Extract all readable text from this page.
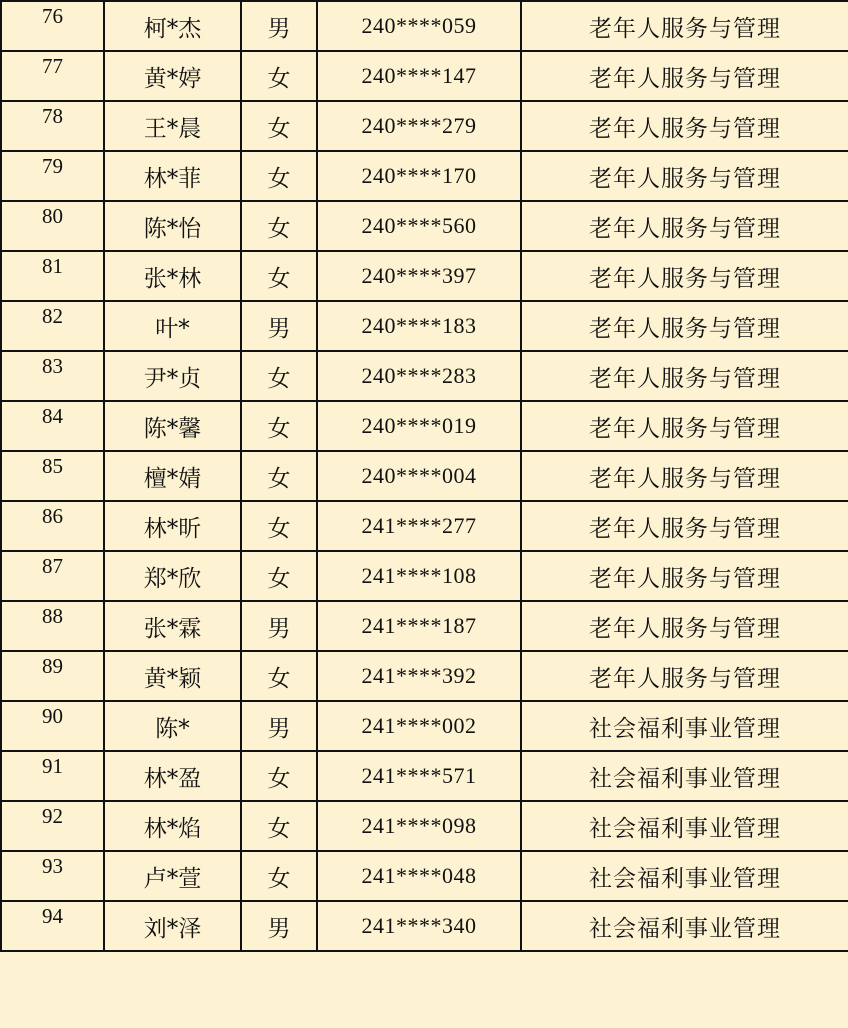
76	柯*杰	男	240****059	老年人服务与管理
77	黄*婷	女	240****147	老年人服务与管理
78	王*晨	女	240****279	老年人服务与管理
79	林*菲	女	240****170	老年人服务与管理
80	陈*怡	女	240****560	老年人服务与管理
81	张*林	女	240****397	老年人服务与管理
82	叶*	男	240****183	老年人服务与管理
83	尹*贞	女	240****283	老年人服务与管理
84	陈*馨	女	240****019	老年人服务与管理
85	檀*婧	女	240****004	老年人服务与管理
86	林*昕	女	241****277	老年人服务与管理
87	郑*欣	女	241****108	老年人服务与管理
88	张*霖	男	241****187	老年人服务与管理
89	黄*颖	女	241****392	老年人服务与管理
90	陈*	男	241****002	社会福利事业管理
91	林*盈	女	241****571	社会福利事业管理
92	林*焰	女	241****098	社会福利事业管理
93	卢*萱	女	241****048	社会福利事业管理
94	刘*泽	男	241****340	社会福利事业管理
